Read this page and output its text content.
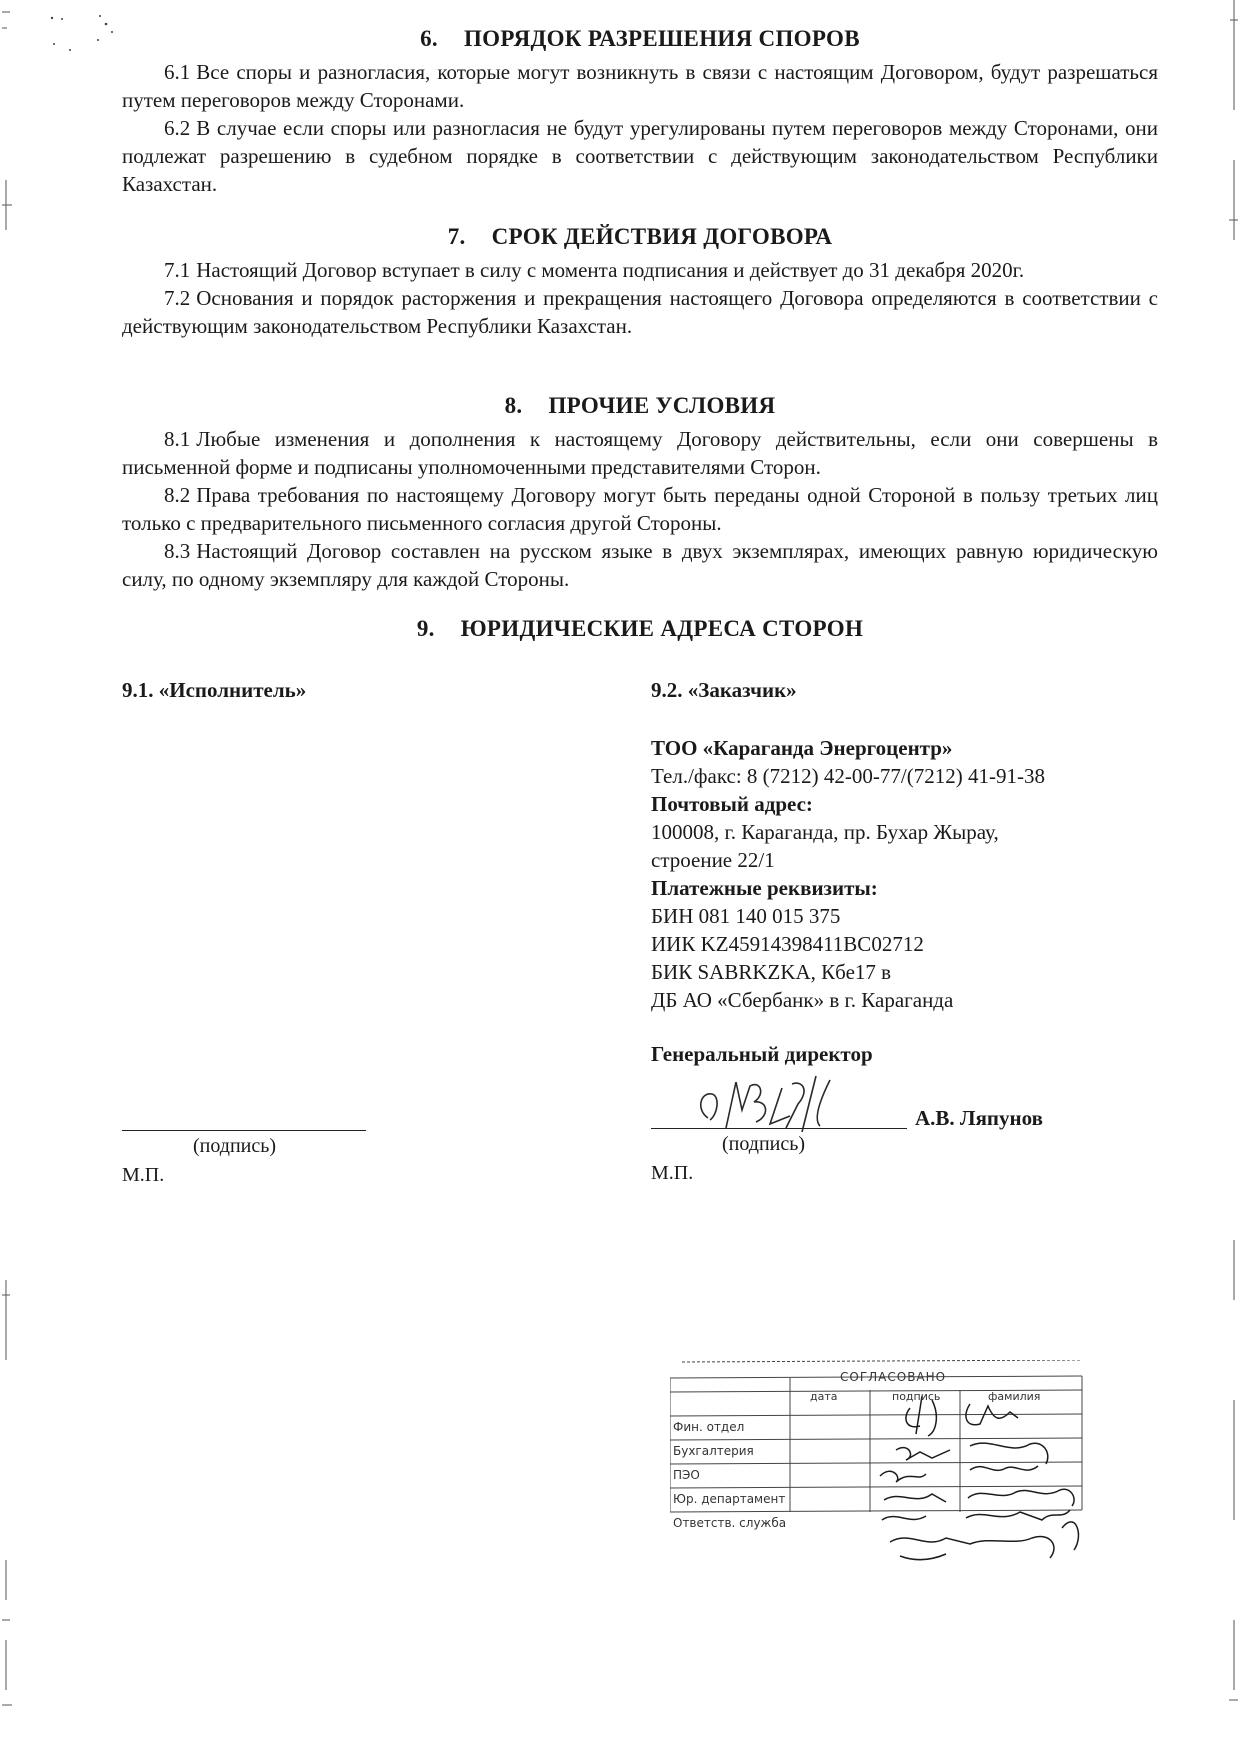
6. ПОРЯДОК РАЗРЕШЕНИЯ СПОРОВ

6.1 Все споры и разногласия, которые могут возникнуть в связи с настоящим Договором, будут разрешаться путем переговоров между Сторонами.

6.2 В случае если споры или разногласия не будут урегулированы путем переговоров между Сторонами, они подлежат разрешению в судебном порядке в соответствии с действующим законодательством Республики Казахстан.

7. СРОК ДЕЙСТВИЯ ДОГОВОРА

7.1 Настоящий Договор вступает в силу с момента подписания и действует до 31 декабря 2020г.

7.2 Основания и порядок расторжения и прекращения настоящего Договора определяются в соответствии с действующим законодательством Республики Казахстан.

8. ПРОЧИЕ УСЛОВИЯ

8.1 Любые изменения и дополнения к настоящему Договору действительны, если они совершены в письменной форме и подписаны уполномоченными представителями Сторон.

8.2 Права требования по настоящему Договору могут быть переданы одной Стороной в пользу третьих лиц только с предварительного письменного согласия другой Стороны.

8.3 Настоящий Договор составлен на русском языке в двух экземплярах, имеющих равную юридическую силу, по одному экземпляру для каждой Стороны.

9. ЮРИДИЧЕСКИЕ АДРЕСА СТОРОН
9.1. «Исполнитель»
(подпись)
М.П.
9.2. «Заказчик»
ТОО «Караганда Энергоцентр»
Тел./факс: 8 (7212) 42-00-77/(7212) 41-91-38
Почтовый адрес:
100008, г. Караганда, пр. Бухар Жырау,
строение 22/1
Платежные реквизиты:
БИН 081 140 015 375
ИИК KZ45914398411BC02712
БИК SABRKZKA, Кбе17 в
ДБ АО «Сбербанк» в г. Караганда
Генеральный директор
А.В. Ляпунов
(подпись)
М.П.
СОГЛАСОВАНО
дата	подпись	фамилия
Фин. отдел
Бухгалтерия
ПЭО
Юр. департамент
Ответств. служба
